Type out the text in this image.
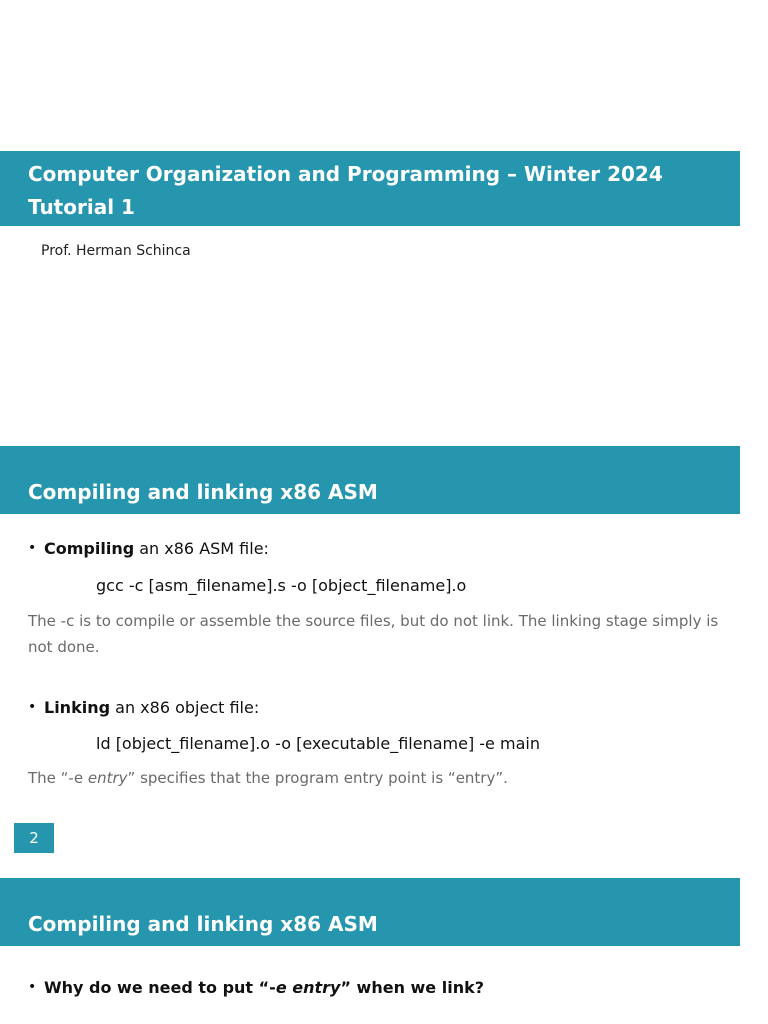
Computer Organization and Programming – Winter 2024
Tutorial 1
Prof. Herman Schinca
Compiling and linking x86 ASM
• Compiling an x86 ASM file:
gcc -c [asm_filename].s -o [object_filename].o
The -c is to compile or assemble the source files, but do not link. The linking stage simply is not done.
• Linking an x86 object file:
ld [object_filename].o -o [executable_filename] -e main
The “-e entry” specifies that the program entry point is “entry”.
2
Compiling and linking x86 ASM
• Why do we need to put “-e entry” when we link?
